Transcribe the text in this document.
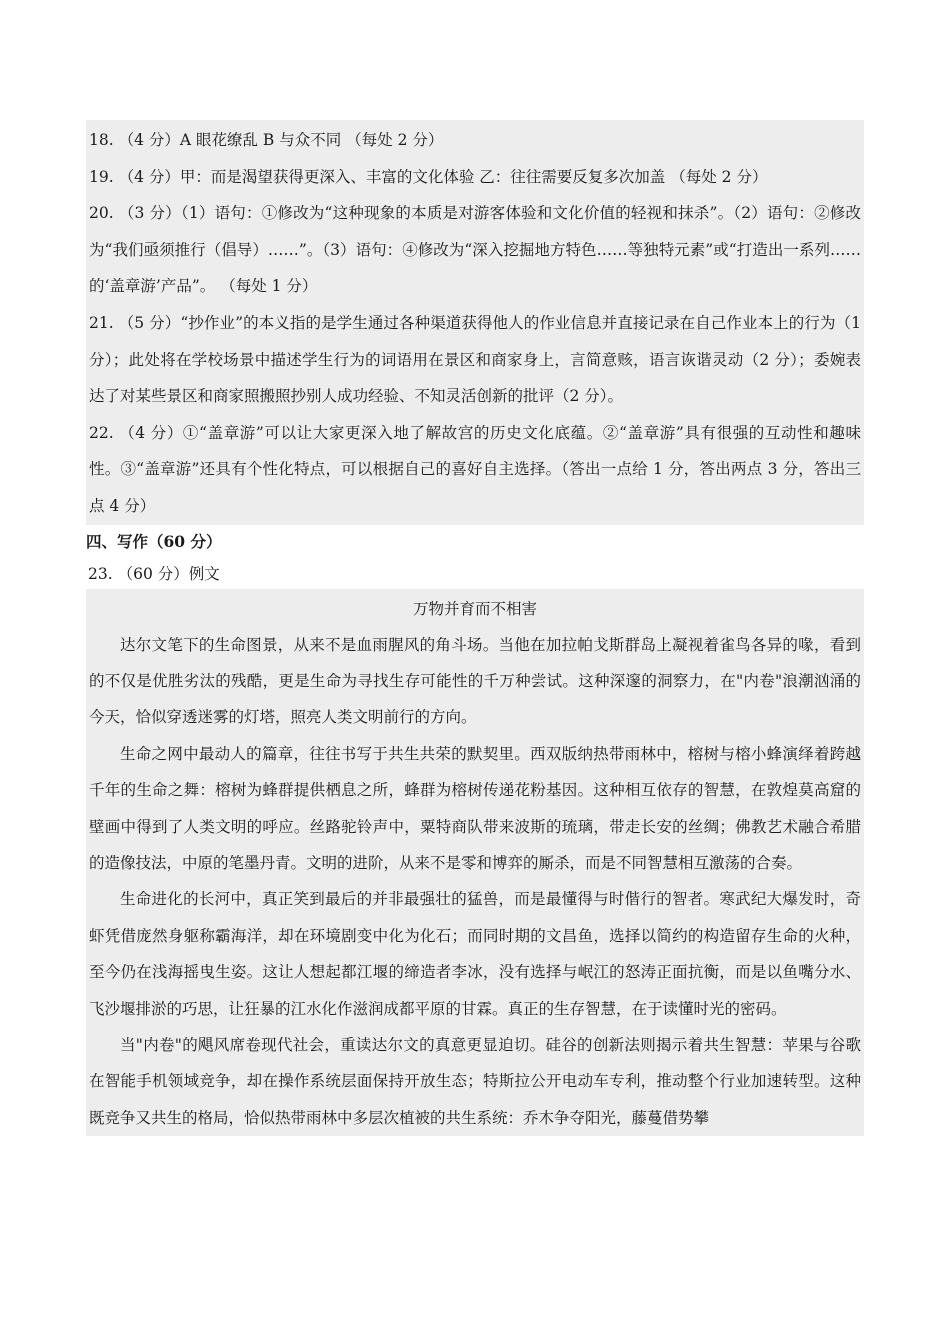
18. （4 分）A 眼花缭乱 B 与众不同 （每处 2 分）

19. （4 分）甲：而是渴望获得更深入、丰富的文化体验 乙：往往需要反复多次加盖 （每处 2 分）

20. （3 分）（1）语句：①修改为“这种现象的本质是对游客体验和文化价值的轻视和抹杀”。（2）语句：②修改为“我们亟须推行（倡导）……”。（3）语句：④修改为“深入挖掘地方特色……等独特元素”或“打造出一系列……的‘盖章游’产品”。 （每处 1 分）

21. （5 分）“抄作业”的本义指的是学生通过各种渠道获得他人的作业信息并直接记录在自己作业本上的行为（1 分）；此处将在学校场景中描述学生行为的词语用在景区和商家身上，言简意赅，语言诙谐灵动（2 分）；委婉表达了对某些景区和商家照搬照抄别人成功经验、不知灵活创新的批评（2 分）。

22. （4 分）①“盖章游”可以让大家更深入地了解故宫的历史文化底蕴。②“盖章游”具有很强的互动性和趣味性。③“盖章游”还具有个性化特点，可以根据自己的喜好自主选择。（答出一点给 1 分，答出两点 3 分，答出三点 4 分）

四、写作（60 分）

23. （60 分）例文

万物并育而不相害

达尔文笔下的生命图景，从来不是血雨腥风的角斗场。当他在加拉帕戈斯群岛上凝视着雀鸟各异的喙，看到的不仅是优胜劣汰的残酷，更是生命为寻找生存可能性的千万种尝试。这种深邃的洞察力，在"内卷"浪潮汹涌的今天，恰似穿透迷雾的灯塔，照亮人类文明前行的方向。

生命之网中最动人的篇章，往往书写于共生共荣的默契里。西双版纳热带雨林中，榕树与榕小蜂演绎着跨越千年的生命之舞：榕树为蜂群提供栖息之所，蜂群为榕树传递花粉基因。这种相互依存的智慧，在敦煌莫高窟的壁画中得到了人类文明的呼应。丝路驼铃声中，粟特商队带来波斯的琉璃，带走长安的丝绸；佛教艺术融合希腊的造像技法，中原的笔墨丹青。文明的进阶，从来不是零和博弈的厮杀，而是不同智慧相互激荡的合奏。

生命进化的长河中，真正笑到最后的并非最强壮的猛兽，而是最懂得与时偕行的智者。寒武纪大爆发时，奇虾凭借庞然身躯称霸海洋，却在环境剧变中化为化石；而同时期的文昌鱼，选择以简约的构造留存生命的火种，至今仍在浅海摇曳生姿。这让人想起都江堰的缔造者李冰，没有选择与岷江的怒涛正面抗衡，而是以鱼嘴分水、飞沙堰排淤的巧思，让狂暴的江水化作滋润成都平原的甘霖。真正的生存智慧，在于读懂时光的密码。

当"内卷"的飓风席卷现代社会，重读达尔文的真意更显迫切。硅谷的创新法则揭示着共生智慧：苹果与谷歌在智能手机领域竞争，却在操作系统层面保持开放生态；特斯拉公开电动车专利，推动整个行业加速转型。这种既竞争又共生的格局，恰似热带雨林中多层次植被的共生系统：乔木争夺阳光，藤蔓借势攀
